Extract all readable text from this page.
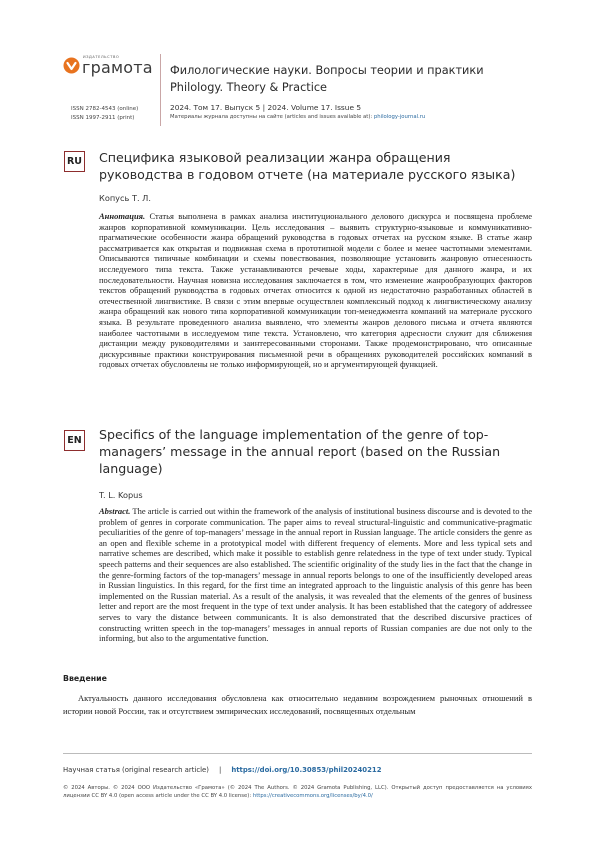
ИЗДАТЕЛЬСТВО
грамота Филологические науки. Вопросы теории и практики
Philology. Theory & Practice
2024. Том 17. Выпуск 5 | 2024. Volume 17. Issue 5
Материалы журнала доступны на сайте (articles and issues available at): philology-journal.ru
ISSN 2782-4543 (online)
ISSN 1997-2911 (print)
RU Специфика языковой реализации жанра обращения руководства в годовом отчете (на материале русского языка)
Копусь Т. Л.
Аннотация. Статья выполнена в рамках анализа институционального делового дискурса и посвящена проблеме жанров корпоративной коммуникации. Цель исследования – выявить структурно-языковые и коммуникативно-прагматические особенности жанра обращений руководства в годовых отчетах на русском языке. В статье жанр рассматривается как открытая и подвижная схема в прототипной модели с более и менее частотными элементами. Описываются типичные комбинации и схемы повествования, позволяющие установить жанровую отнесенность исследуемого типа текста. Также устанавливаются речевые ходы, характерные для данного жанра, и их последовательности. Научная новизна исследования заключается в том, что изменение жанрообразующих факторов текстов обращений руководства в годовых отчетах относится к одной из недостаточно разработанных областей в отечественной лингвистике. В связи с этим впервые осуществлен комплексный подход к лингвистическому анализу жанра обращений как нового типа корпоративной коммуникации топ-менеджмента компаний на материале русского языка. В результате проведенного анализа выявлено, что элементы жанров делового письма и отчета являются наиболее частотными в исследуемом типе текста. Установлено, что категория адресности служит для сближения дистанции между руководителями и заинтересованными сторонами. Также продемонстрировано, что описанные дискурсивные практики конструирования письменной речи в обращениях руководителей российских компаний в годовых отчетах обусловлены не только информирующей, но и аргументирующей функцией.
EN Specifics of the language implementation of the genre of top-managers’ message in the annual report (based on the Russian language)
T. L. Kopus
Abstract. The article is carried out within the framework of the analysis of institutional business discourse and is devoted to the problem of genres in corporate communication. The paper aims to reveal structural-linguistic and communicative-pragmatic peculiarities of the genre of top-managers’ message in the annual report in Russian language. The article considers the genre as an open and flexible scheme in a prototypical model with different frequency of elements. More and less typical sets and narrative schemes are described, which make it possible to establish genre relatedness in the type of text under study. Typical speech patterns and their sequences are also established. The scientific originality of the study lies in the fact that the change in the genre-forming factors of the top-managers’ message in annual reports belongs to one of the insufficiently developed areas in Russian linguistics. In this regard, for the first time an integrated approach to the linguistic analysis of this genre has been implemented on the Russian material. As a result of the analysis, it was revealed that the elements of the genres of business letter and report are the most frequent in the type of text under analysis. It has been established that the category of addressee serves to vary the distance between communicants. It is also demonstrated that the described discursive practices of constructing written speech in the top-managers’ messages in annual reports of Russian companies are due not only to the informing, but also to the argumentative function.
Введение
Актуальность данного исследования обусловлена как относительно недавним возрождением рыночных отношений в истории новой России, так и отсутствием эмпирических исследований, посвященных отдельным
Научная статья (original research article) | https://doi.org/10.30853/phil20240212
© 2024 Авторы. © 2024 ООО Издательство «Грамота» (© 2024 The Authors. © 2024 Gramota Publishing, LLC). Открытый доступ предоставляется на условиях лицензии CC BY 4.0 (open access article under the CC BY 4.0 license): https://creativecommons.org/licenses/by/4.0/
